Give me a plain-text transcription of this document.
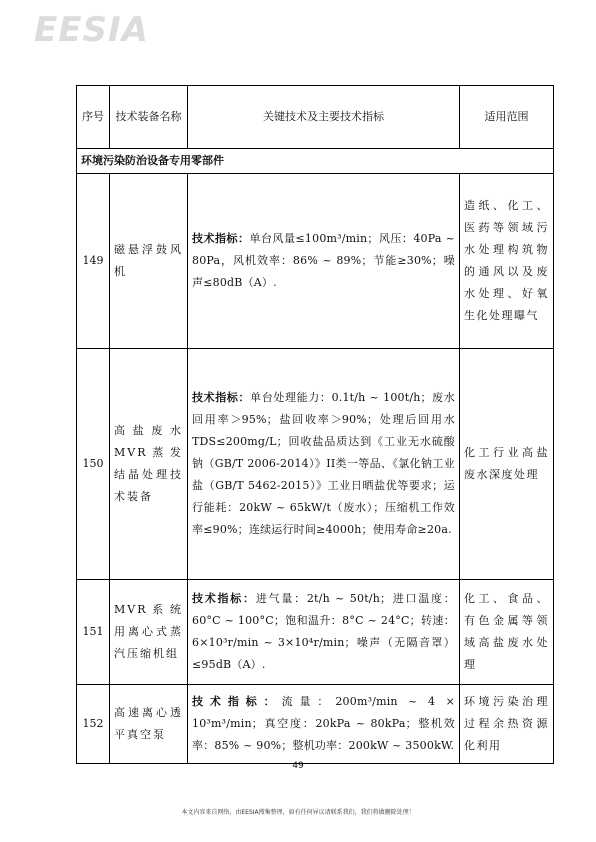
EESIA
序号	技术装备名称	关键技术及主要技术指标	适用范围
环境污染防治设备专用零部件			
149	磁悬浮鼓风机	技术指标：单台风量≤100m³/min；风压：40Pa ~ 80Pa，风机效率：86% ~ 89%；节能≥30%；噪声≤80dB（A）.	造纸、化工、医药等领域污水处理构筑物的通风以及废水处理、好氧生化处理曝气
150	高盐废水MVR蒸发结晶处理技术装备	技术指标：单台处理能力：0.1t/h ~ 100t/h；废水回用率＞95%；盐回收率＞90%；处理后回用水TDS≤200mg/L；回收盐品质达到《工业无水硫酸钠（GB/T 2006-2014）》II类一等品、《氯化钠工业盐（GB/T 5462-2015）》工业日晒盐优等要求；运行能耗：20kW ~ 65kW/t（废水）；压缩机工作效率≤90%；连续运行时间≥4000h；使用寿命≥20a.	化工行业高盐废水深度处理
151	MVR系统用离心式蒸汽压缩机组	技术指标：进气量：2t/h ~ 50t/h；进口温度：60°C ~ 100°C；饱和温升：8°C ~ 24°C；转速：6×10³r/min ~ 3×10⁴r/min；噪声（无隔音罩）≤95dB（A）.	化工、食品、有色金属等领域高盐废水处理
152	高速离心透平真空泵	技术指标：流量：200m³/min ~ 4 × 10³m³/min；真空度：20kPa ~ 80kPa；整机效率：85% ~ 90%；整机功率：200kW ~ 3500kW.	环境污染治理过程余热资源化利用
49
本文内容来自网络，由EESIA搜集整理，如有任何异议请联系我们，我们将做删除处理！
